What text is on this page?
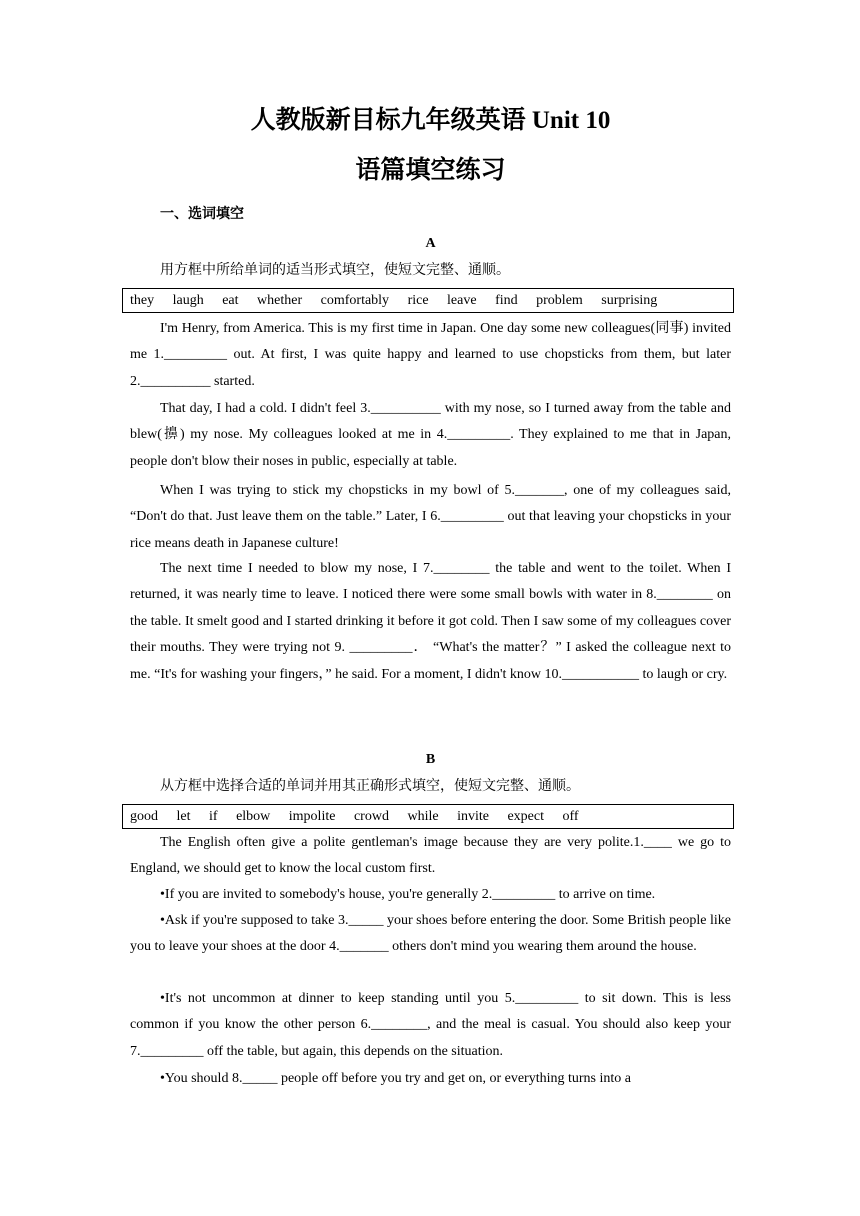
人教版新目标九年级英语 Unit 10
语篇填空练习
一、选词填空
A
用方框中所给单词的适当形式填空，使短文完整、通顺。
they laugh eat whether comfortably rice leave find problem surprising

I'm Henry, from America. This is my first time in Japan. One day some new colleagues(同事) invited me 1._________ out. At first, I was quite happy and learned to use chopsticks from them, but later 2.__________ started.

That day, I had a cold. I didn't feel 3.__________ with my nose, so I turned away from the table and blew(擤) my nose. My colleagues looked at me in 4._________. They explained to me that in Japan, people don't blow their noses in public, especially at table.

When I was trying to stick my chopsticks in my bowl of 5._______, one of my colleagues said, “Don't do that. Just leave them on the table.” Later, I 6._________ out that leaving your chopsticks in your rice means death in Japanese culture!

The next time I needed to blow my nose, I 7.________ the table and went to the toilet. When I returned, it was nearly time to leave. I noticed there were some small bowls with water in 8.________ on the table. It smelt good and I started drinking it before it got cold. Then I saw some of my colleagues cover their mouths. They were trying not 9. _________． “What's the matter？” I asked the colleague next to me. “It's for washing your fingers，” he said. For a moment, I didn't know 10.___________ to laugh or cry.

B
从方框中选择合适的单词并用其正确形式填空，使短文完整、通顺。
good let if elbow impolite crowd while invite expect off

The English often give a polite gentleman's image because they are very polite.1.____ we go to England, we should get to know the local custom first.

•If you are invited to somebody's house, you're generally 2._________ to arrive on time.

•Ask if you're supposed to take 3._____ your shoes before entering the door. Some British people like you to leave your shoes at the door 4._______ others don't mind you wearing them around the house.

•It's not uncommon at dinner to keep standing until you 5._________ to sit down. This is less common if you know the other person 6.________, and the meal is casual. You should also keep your 7._________ off the table, but again, this depends on the situation.

•You should 8._____ people off before you try and get on, or everything turns into a
